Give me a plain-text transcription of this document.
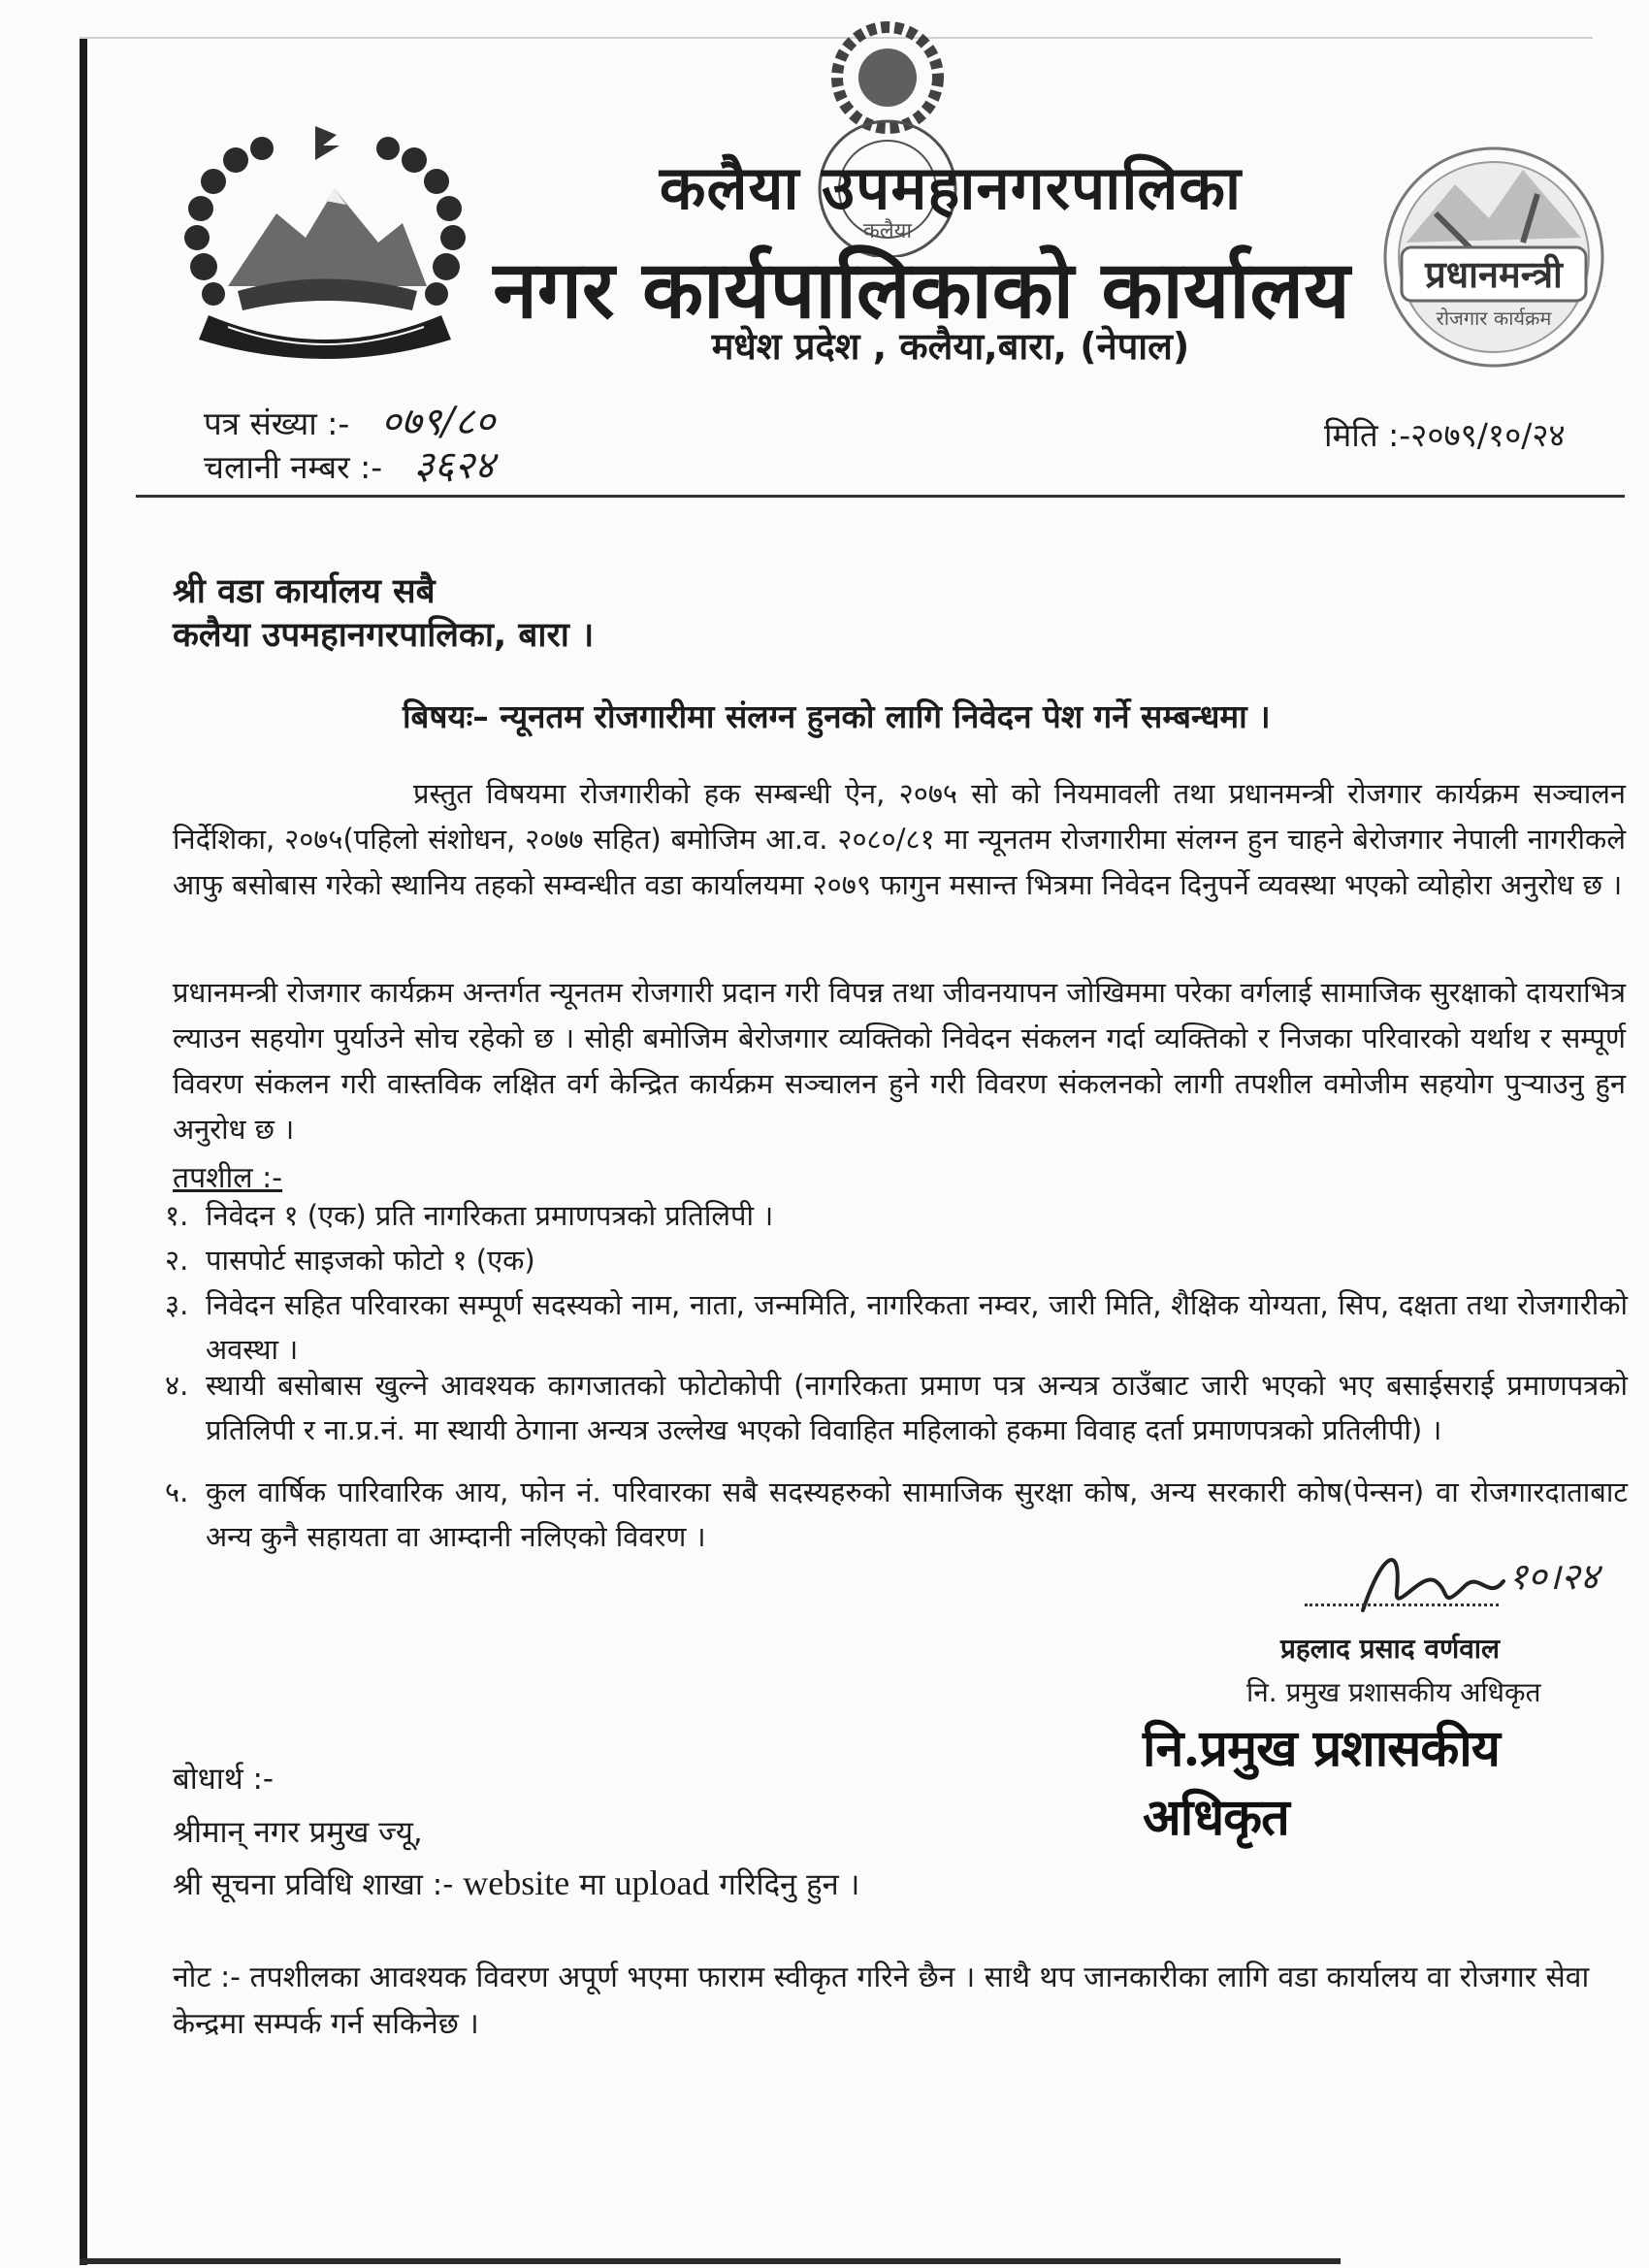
कलैया
प्रधानमन्त्री
रोजगार कार्यक्रम
कलैया उपमहानगरपालिका
नगर कार्यपालिकाको कार्यालय
मधेश प्रदेश , कलैया,बारा, (नेपाल)
पत्र संख्या :- ०७९/८०
चलानी नम्बर :- ३६२४
मिति :-२०७९/१०/२४
श्री वडा कार्यालय सबै
कलैया उपमहानगरपालिका, बारा ।
बिषयः– न्यूनतम रोजगारीमा संलग्न हुनको लागि निवेदन पेश गर्ने सम्बन्धमा ।
प्रस्तुत विषयमा रोजगारीको हक सम्बन्धी ऐन, २०७५ सो को नियमावली तथा प्रधानमन्त्री रोजगार कार्यक्रम सञ्चालन निर्देशिका, २०७५(पहिलो संशोधन, २०७७ सहित) बमोजिम आ.व. २०८०/८१ मा न्यूनतम रोजगारीमा संलग्न हुन चाहने बेरोजगार नेपाली नागरीकले आफु बसोबास गरेको स्थानिय तहको सम्वन्धीत वडा कार्यालयमा २०७९ फागुन मसान्त भित्रमा निवेदन दिनुपर्ने व्यवस्था भएको व्योहोरा अनुरोध छ ।
प्रधानमन्त्री रोजगार कार्यक्रम अन्तर्गत न्यूनतम रोजगारी प्रदान गरी विपन्न तथा जीवनयापन जोखिममा परेका वर्गलाई सामाजिक सुरक्षाको दायराभित्र ल्याउन सहयोग पुर्याउने सोच रहेको छ । सोही बमोजिम बेरोजगार व्यक्तिको निवेदन संकलन गर्दा व्यक्तिको र निजका परिवारको यर्थाथ र सम्पूर्ण विवरण संकलन गरी वास्तविक लक्षित वर्ग केन्द्रित कार्यक्रम सञ्चालन हुने गरी विवरण संकलनको लागी तपशील वमोजीम सहयोग पुऱ्याउनु हुन अनुरोध छ ।
तपशील :-
१. निवेदन १ (एक) प्रति नागरिकता प्रमाणपत्रको प्रतिलिपी ।
२. पासपोर्ट साइजको फोटो १ (एक)
३. निवेदन सहित परिवारका सम्पूर्ण सदस्यको नाम, नाता, जन्ममिति, नागरिकता नम्वर, जारी मिति, शैक्षिक योग्यता, सिप, दक्षता तथा रोजगारीको अवस्था ।
४. स्थायी बसोबास खुल्ने आवश्यक कागजातको फोटोकोपी (नागरिकता प्रमाण पत्र अन्यत्र ठाउँबाट जारी भएको भए बसाईसराई प्रमाणपत्रको प्रतिलिपी र ना.प्र.नं. मा स्थायी ठेगाना अन्यत्र उल्लेख भएको विवाहित महिलाको हकमा विवाह दर्ता प्रमाणपत्रको प्रतिलीपी) ।
५. कुल वार्षिक पारिवारिक आय, फोन नं. परिवारका सबै सदस्यहरुको सामाजिक सुरक्षा कोष, अन्य सरकारी कोष(पेन्सन) वा रोजगारदाताबाट अन्य कुनै सहायता वा आम्दानी नलिएको विवरण ।
१०।२४
प्रहलाद प्रसाद वर्णवाल
नि. प्रमुख प्रशासकीय अधिकृत
नि.प्रमुख प्रशासकीय अधिकृत
बोधार्थ :-
श्रीमान् नगर प्रमुख ज्यू,
श्री सूचना प्रविधि शाखा :- website मा upload गरिदिनु हुन ।
नोट :- तपशीलका आवश्यक विवरण अपूर्ण भएमा फाराम स्वीकृत गरिने छैन । साथै थप जानकारीका लागि वडा कार्यालय वा रोजगार सेवा केन्द्रमा सम्पर्क गर्न सकिनेछ ।
